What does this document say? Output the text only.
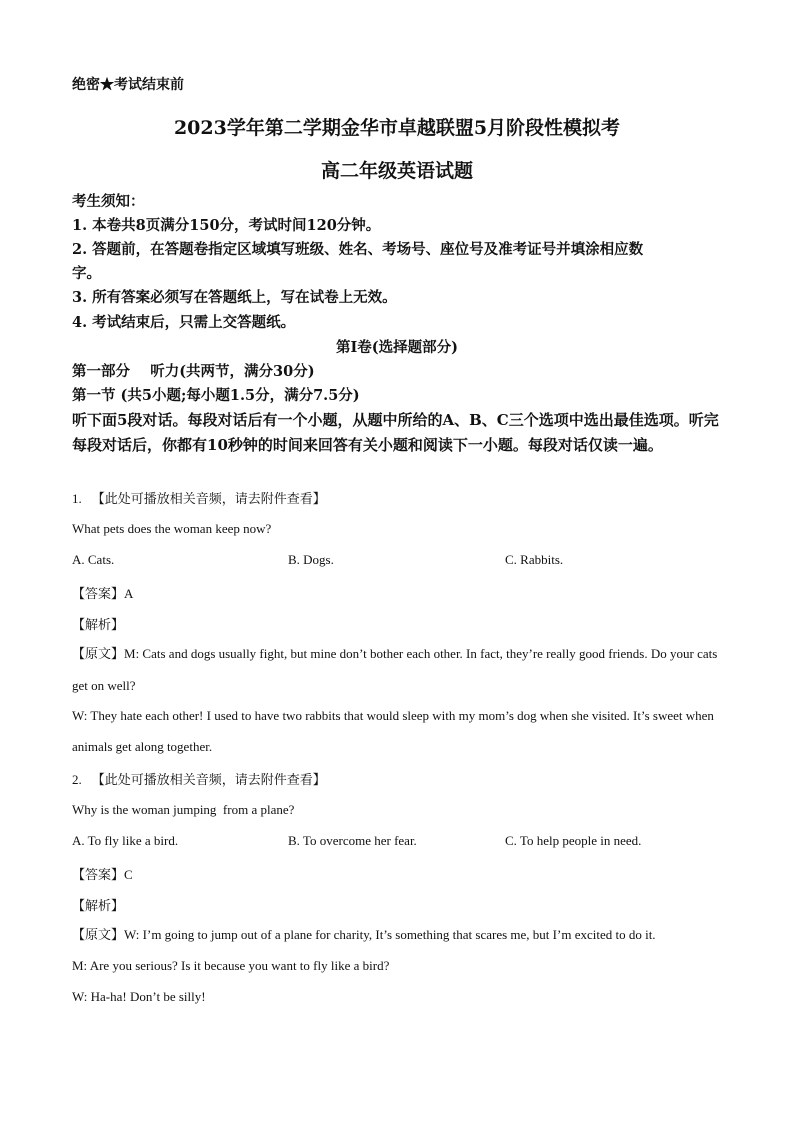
绝密★考试结束前
2023学年第二学期金华市卓越联盟5月阶段性模拟考
高二年级英语试题
考生须知：
1. 本卷共8页满分150分，考试时间120分钟。
2. 答题前，在答题卷指定区域填写班级、姓名、考场号、座位号及准考证号并填涂相应数
字。
3. 所有答案必须写在答题纸上，写在试卷上无效。
4. 考试结束后，只需上交答题纸。
第Ⅰ卷(选择题部分)
第一部分    听力(共两节，满分30分)
第一节 (共5小题;每小题1.5分，满分7.5分)
听下面5段对话。每段对话后有一个小题，从题中所给的A、B、C三个选项中选出最佳选项。听完每段对话后，你都有10秒钟的时间来回答有关小题和阅读下一小题。每段对话仅读一遍。
1. 【此处可播放相关音频，请去附件查看】
What pets does the woman keep now?
A. Cats.	B. Dogs.	C. Rabbits.
【答案】A
【解析】
【原文】M: Cats and dogs usually fight, but mine don’t bother each other. In fact, they’re really good friends. Do your cats get on well?
W: They hate each other! I used to have two rabbits that would sleep with my mom’s dog when she visited. It’s sweet when animals get along together.
2. 【此处可播放相关音频，请去附件查看】
Why is the woman jumping  from a plane?
A. To fly like a bird.	B. To overcome her fear.	C. To help people in need.
【答案】C
【解析】
【原文】W: I’m going to jump out of a plane for charity, It’s something that scares me, but I’m excited to do it.
M: Are you serious? Is it because you want to fly like a bird?
W: Ha-ha! Don’t be silly!
